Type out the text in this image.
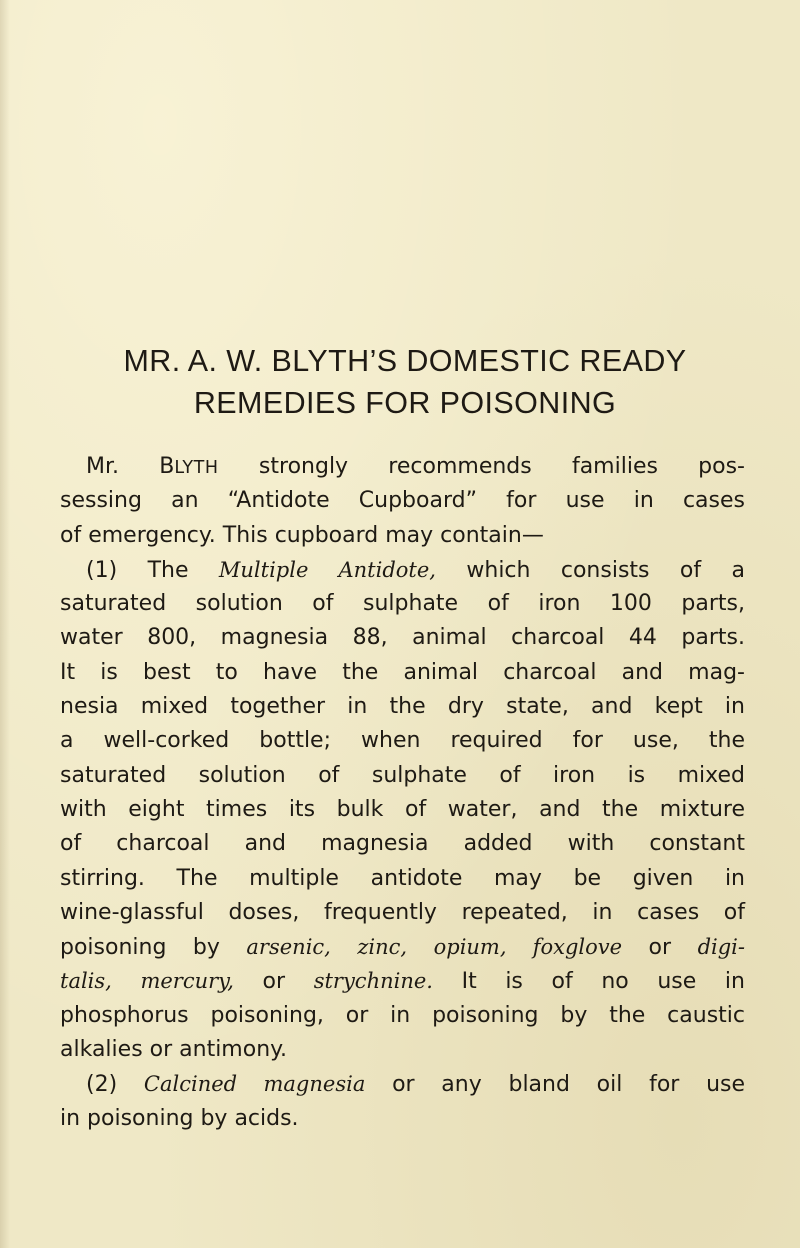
MR. A. W. BLYTH’S DOMESTIC READY
REMEDIES FOR POISONING
Mr. BLYTH strongly recommends families pos-
sessing an “Antidote Cupboard” for use in cases
of emergency. This cupboard may contain—
(1) The Multiple Antidote, which consists of a
saturated solution of sulphate of iron 100 parts,
water 800, magnesia 88, animal charcoal 44 parts.
It is best to have the animal charcoal and mag-
nesia mixed together in the dry state, and kept in
a well-corked bottle; when required for use, the
saturated solution of sulphate of iron is mixed
with eight times its bulk of water, and the mixture
of charcoal and magnesia added with constant
stirring. The multiple antidote may be given in
wine-glassful doses, frequently repeated, in cases of
poisoning by arsenic, zinc, opium, foxglove or digi-
talis, mercury, or strychnine. It is of no use in
phosphorus poisoning, or in poisoning by the caustic
alkalies or antimony.
(2) Calcined magnesia or any bland oil for use
in poisoning by acids.
